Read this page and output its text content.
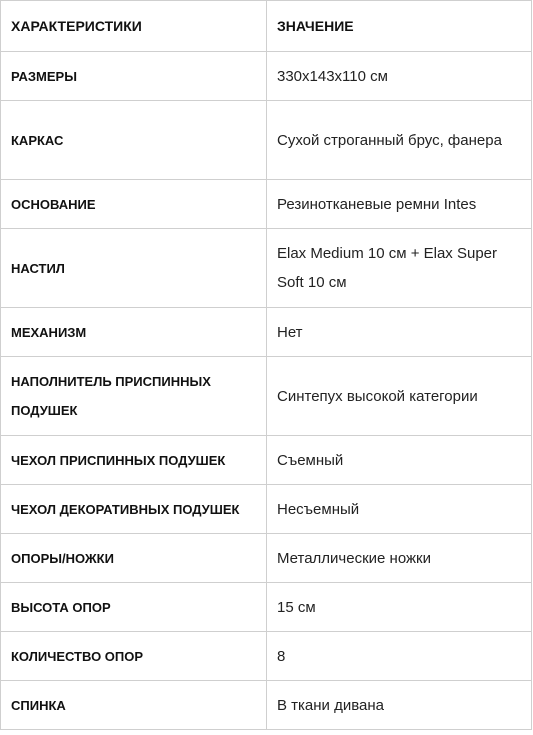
ХАРАКТЕРИСТИКИ	ЗНАЧЕНИЕ
РАЗМЕРЫ	330x143x110 см
КАРКАС	Сухой строганный брус, фанера
ОСНОВАНИЕ	Резинотканевые ремни Intes
НАСТИЛ	Elax Medium 10 см + Elax Super Soft 10 см
МЕХАНИЗМ	Нет
НАПОЛНИТЕЛЬ ПРИСПИННЫХ ПОДУШЕК	Синтепух высокой категории
ЧЕХОЛ ПРИСПИННЫХ ПОДУШЕК	Съемный
ЧЕХОЛ ДЕКОРАТИВНЫХ ПОДУШЕК	Несъемный
ОПОРЫ/НОЖКИ	Металлические ножки
ВЫСОТА ОПОР	15 см
КОЛИЧЕСТВО ОПОР	8
СПИНКА	В ткани дивана
